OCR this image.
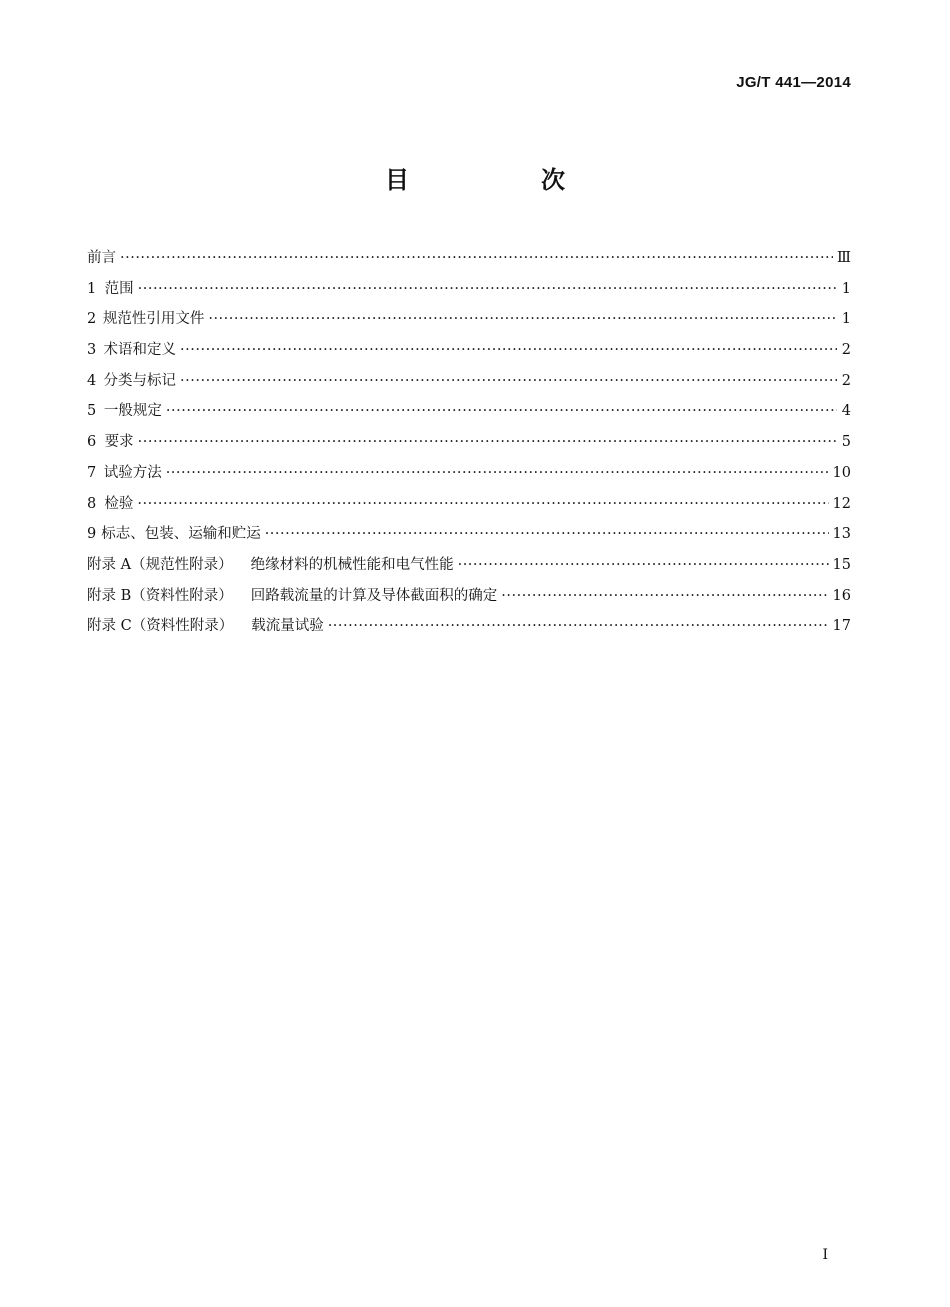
JG/T 441—2014
目　次
前言 ·····	Ⅲ
1 范围 ·····	1
2 规范性引用文件 ·····	1
3 术语和定义 ·····	2
4 分类与标记 ·····	2
5 一般规定 ·····	4
6 要求 ·····	5
7 试验方法 ·····	10
8 检验 ·····	12
9 标志、包装、运输和贮运 ·····	13
附录 A（规范性附录） 绝缘材料的机械性能和电气性能 ·····	15
附录 B（资料性附录） 回路载流量的计算及导体截面积的确定 ·····	16
附录 C（资料性附录） 载流量试验 ·····	17
I
